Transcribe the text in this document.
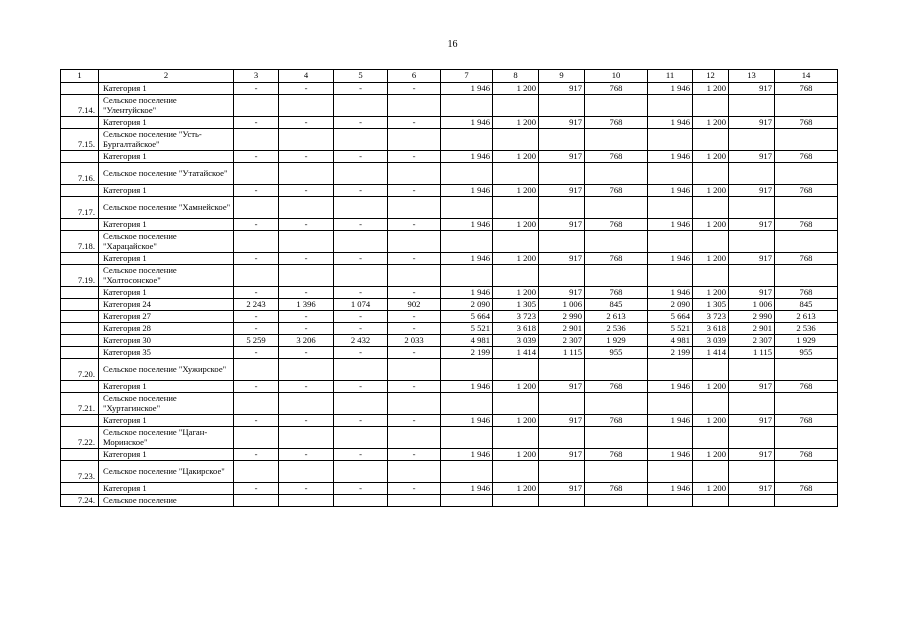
16
1	2	3	4	5	6	7	8	9	10	11	12	13	14
	Категория 1	-	-	-	-	1 946	1 200	917	768	1 946	1 200	917	768
7.14.	Сельское поселение "Улентуйское"												
	Категория 1	-	-	-	-	1 946	1 200	917	768	1 946	1 200	917	768
7.15.	Сельское поселение "Усть-Бургалтайское"												
	Категория 1	-	-	-	-	1 946	1 200	917	768	1 946	1 200	917	768
7.16.	Сельское поселение "Утатайское"												
	Категория 1	-	-	-	-	1 946	1 200	917	768	1 946	1 200	917	768
7.17.	Сельское поселение "Хамнейское"												
	Категория 1	-	-	-	-	1 946	1 200	917	768	1 946	1 200	917	768
7.18.	Сельское поселение "Харацайское"												
	Категория 1	-	-	-	-	1 946	1 200	917	768	1 946	1 200	917	768
7.19.	Сельское поселение "Холтосонское"												
	Категория 1	-	-	-	-	1 946	1 200	917	768	1 946	1 200	917	768
	Категория 24	2 243	1 396	1 074	902	2 090	1 305	1 006	845	2 090	1 305	1 006	845
	Категория 27	-	-	-	-	5 664	3 723	2 990	2 613	5 664	3 723	2 990	2 613
	Категория 28	-	-	-	-	5 521	3 618	2 901	2 536	5 521	3 618	2 901	2 536
	Категория 30	5 259	3 206	2 432	2 033	4 981	3 039	2 307	1 929	4 981	3 039	2 307	1 929
	Категория 35	-	-	-	-	2 199	1 414	1 115	955	2 199	1 414	1 115	955
7.20.	Сельское поселение "Хужирское"												
	Категория 1	-	-	-	-	1 946	1 200	917	768	1 946	1 200	917	768
7.21.	Сельское поселение "Хуртагинское"												
	Категория 1	-	-	-	-	1 946	1 200	917	768	1 946	1 200	917	768
7.22.	Сельское поселение "Цаган-Моринское"												
	Категория 1	-	-	-	-	1 946	1 200	917	768	1 946	1 200	917	768
7.23.	Сельское поселение "Цакирское"												
	Категория 1	-	-	-	-	1 946	1 200	917	768	1 946	1 200	917	768
7.24.	Сельское поселение												
